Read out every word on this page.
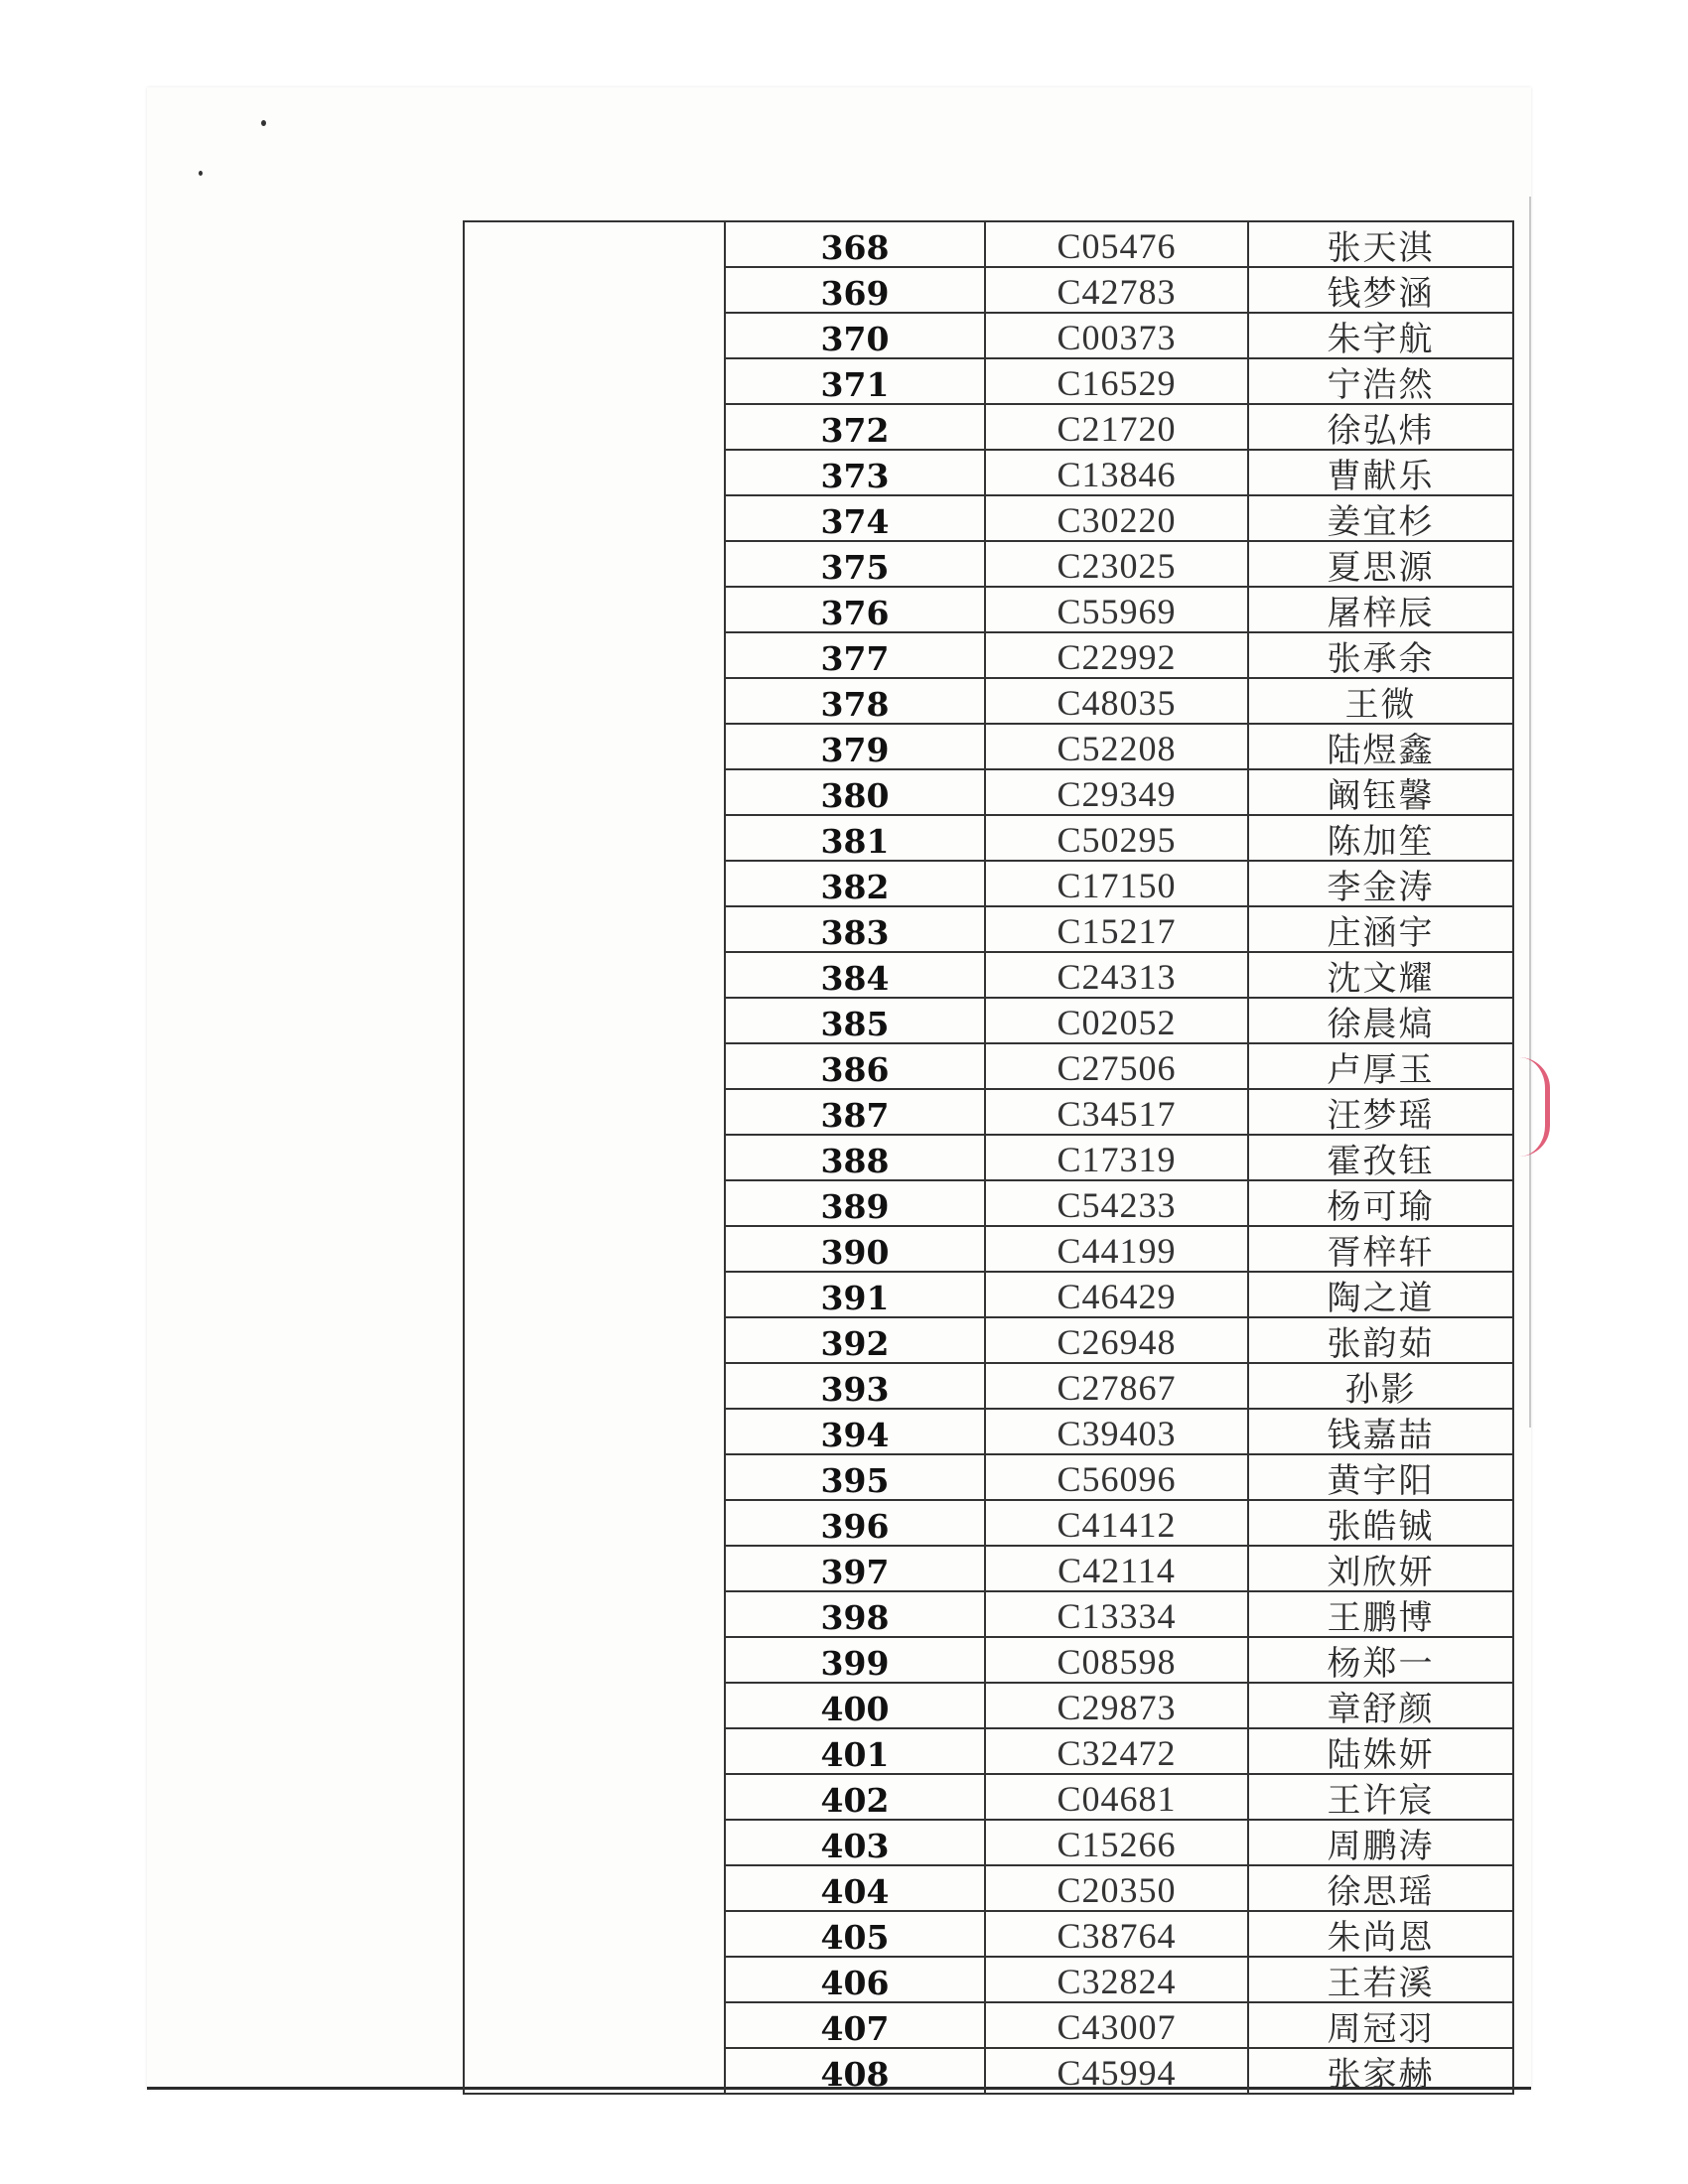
	368	C05476	张天淇
	369	C42783	钱梦涵
	370	C00373	朱宇航
	371	C16529	宁浩然
	372	C21720	徐弘炜
	373	C13846	曹献乐
	374	C30220	姜宜杉
	375	C23025	夏思源
	376	C55969	屠梓辰
	377	C22992	张承余
	378	C48035	王微
	379	C52208	陆煜鑫
	380	C29349	阚钰馨
	381	C50295	陈加笙
	382	C17150	李金涛
	383	C15217	庄涵宇
	384	C24313	沈文耀
	385	C02052	徐晨熇
	386	C27506	卢厚玉
	387	C34517	汪梦瑶
	388	C17319	霍孜钰
	389	C54233	杨可瑜
	390	C44199	胥梓轩
	391	C46429	陶之道
	392	C26948	张韵茹
	393	C27867	孙影
	394	C39403	钱嘉喆
	395	C56096	黄宇阳
	396	C41412	张皓铖
	397	C42114	刘欣妍
	398	C13334	王鹏博
	399	C08598	杨郑一
	400	C29873	章舒颜
	401	C32472	陆姝妍
	402	C04681	王许宸
	403	C15266	周鹏涛
	404	C20350	徐思瑶
	405	C38764	朱尚恩
	406	C32824	王若溪
	407	C43007	周冠羽
	408	C45994	张家赫
